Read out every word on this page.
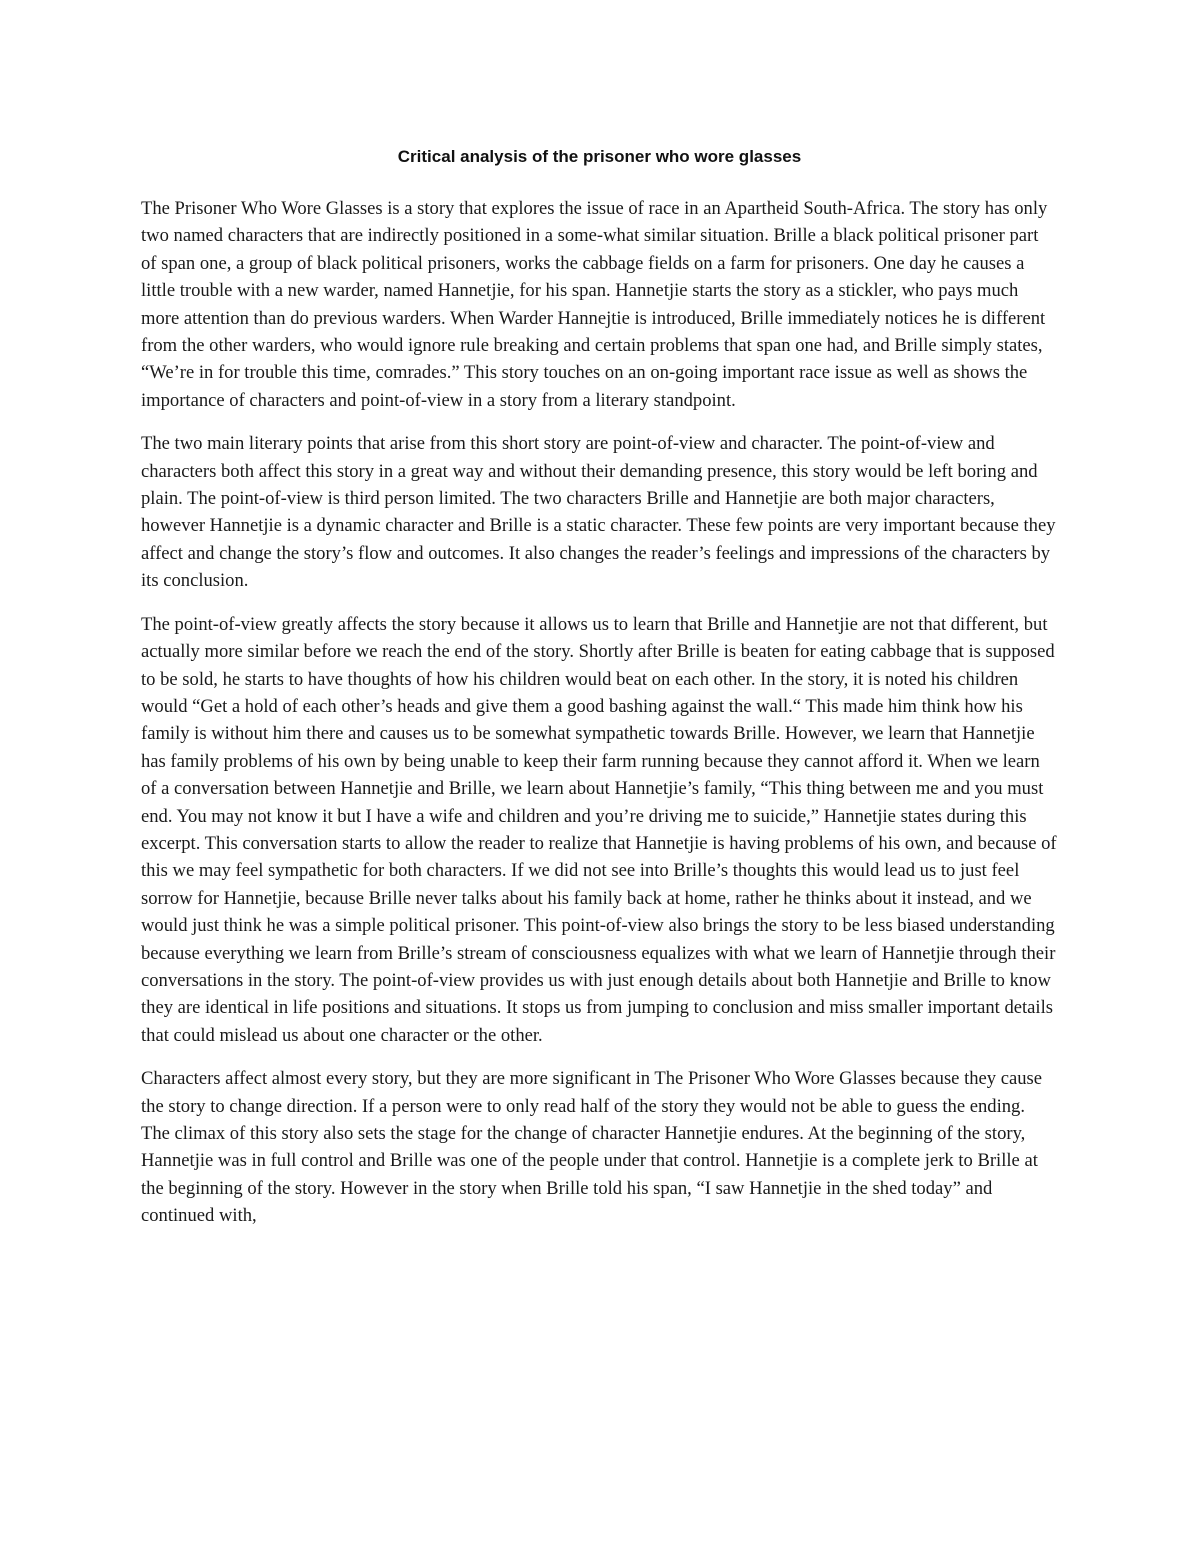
Critical analysis of the prisoner who wore glasses

The Prisoner Who Wore Glasses is a story that explores the issue of race in an Apartheid South-Africa. The story has only two named characters that are indirectly positioned in a some-what similar situation. Brille a black political prisoner part of span one, a group of black political prisoners, works the cabbage fields on a farm for prisoners. One day he causes a little trouble with a new warder, named Hannetjie, for his span. Hannetjie starts the story as a stickler, who pays much more attention than do previous warders. When Warder Hannejtie is introduced, Brille immediately notices he is different from the other warders, who would ignore rule breaking and certain problems that span one had, and Brille simply states, “We’re in for trouble this time, comrades.” This story touches on an on-going important race issue as well as shows the importance of characters and point-of-view in a story from a literary standpoint.

The two main literary points that arise from this short story are point-of-view and character. The point-of-view and characters both affect this story in a great way and without their demanding presence, this story would be left boring and plain. The point-of-view is third person limited. The two characters Brille and Hannetjie are both major characters, however Hannetjie is a dynamic character and Brille is a static character. These few points are very important because they affect and change the story’s flow and outcomes. It also changes the reader’s feelings and impressions of the characters by its conclusion.

The point-of-view greatly affects the story because it allows us to learn that Brille and Hannetjie are not that different, but actually more similar before we reach the end of the story. Shortly after Brille is beaten for eating cabbage that is supposed to be sold, he starts to have thoughts of how his children would beat on each other. In the story, it is noted his children would “Get a hold of each other’s heads and give them a good bashing against the wall.“ This made him think how his family is without him there and causes us to be somewhat sympathetic towards Brille. However, we learn that Hannetjie has family problems of his own by being unable to keep their farm running because they cannot afford it. When we learn of a conversation between Hannetjie and Brille, we learn about Hannetjie’s family, “This thing between me and you must end. You may not know it but I have a wife and children and you’re driving me to suicide,” Hannetjie states during this excerpt. This conversation starts to allow the reader to realize that Hannetjie is having problems of his own, and because of this we may feel sympathetic for both characters. If we did not see into Brille’s thoughts this would lead us to just feel sorrow for Hannetjie, because Brille never talks about his family back at home, rather he thinks about it instead, and we would just think he was a simple political prisoner. This point-of-view also brings the story to be less biased understanding because everything we learn from Brille’s stream of consciousness equalizes with what we learn of Hannetjie through their conversations in the story. The point-of-view provides us with just enough details about both Hannetjie and Brille to know they are identical in life positions and situations. It stops us from jumping to conclusion and miss smaller important details that could mislead us about one character or the other.

Characters affect almost every story, but they are more significant in The Prisoner Who Wore Glasses because they cause the story to change direction. If a person were to only read half of the story they would not be able to guess the ending. The climax of this story also sets the stage for the change of character Hannetjie endures. At the beginning of the story, Hannetjie was in full control and Brille was one of the people under that control. Hannetjie is a complete jerk to Brille at the beginning of the story. However in the story when Brille told his span, “I saw Hannetjie in the shed today” and continued with,
